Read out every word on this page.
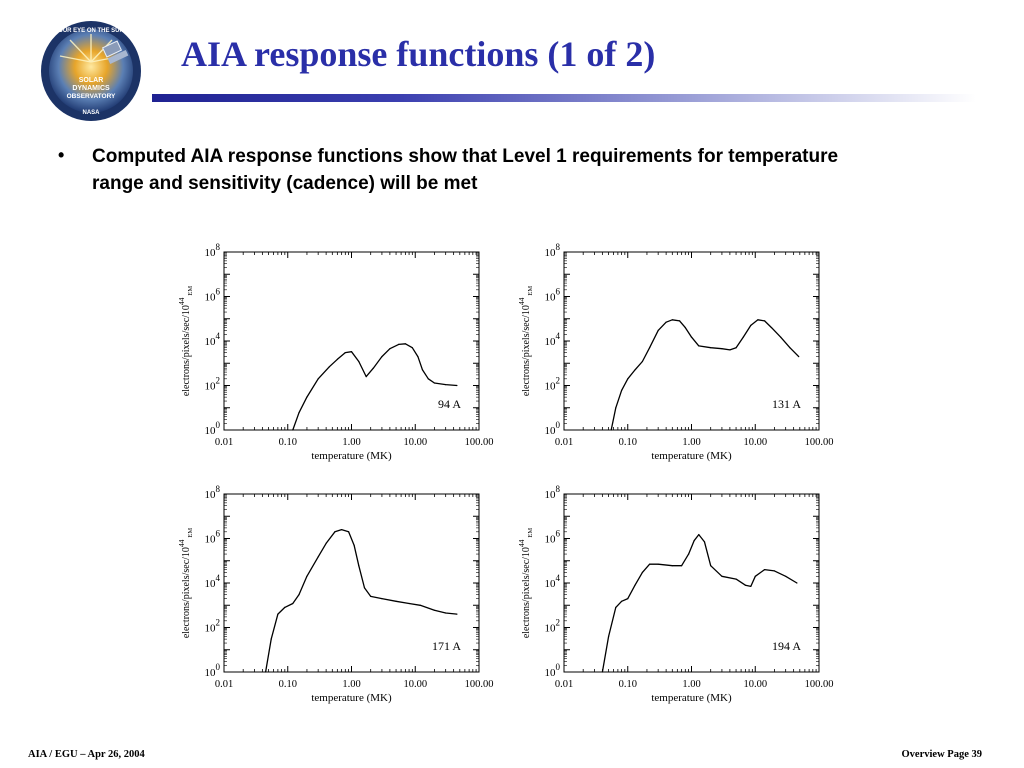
OUR EYE ON THE SUN
SOLAR
DYNAMICS
OBSERVATORY
NASA
AIA response functions (1 of 2)
• Computed AIA response functions show that Level 1 requirements for temperature range and sensitivity (cadence) will be met
0.01	0.10	1.00	10.00	100.00
temperature (MK)
$10^0$
$10^2$
$10^4$
$10^6$
$10^8$
electrons/$pixels/\sec/10^{44}_{EM}$
94 A
0.01	0.10	1.00	10.00	100.00
temperature (MK)
$10^0$
$10^2$
$10^4$
$10^6$
$10^8$
electrons/$pixels/\sec/10^{44}_{EM}$
131 A
0.01	0.10	1.00	10.00	100.00
temperature (MK)
$10^0$
$10^2$
$10^4$
$10^6$
$10^8$
electrons/$pixels/\sec/10^{44}_{EM}$
171 A
0.01	0.10	1.00	10.00	100.00
temperature (MK)
$10^0$
$10^2$
$10^4$
$10^6$
$10^8$
electrons/$pixels/\sec/10^{44}_{EM}$
194 A
AIA / EGU – Apr 26, 2004	Overview Page 39
